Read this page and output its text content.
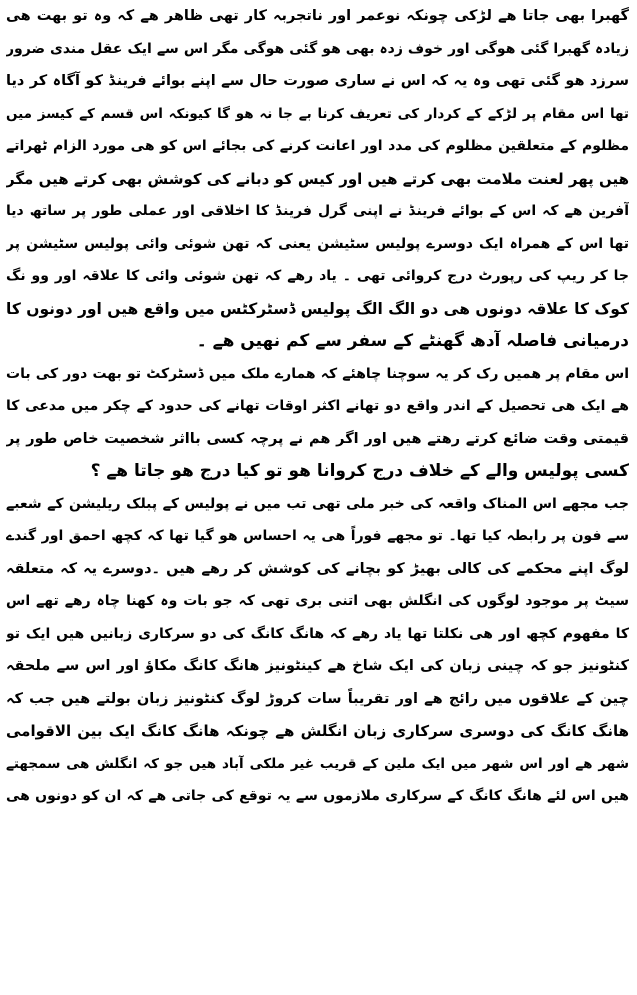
گھبرا بھی جاتا ھے لڑکی چونکہ نوعمر اور ناتجربہ کار تھی ظاھر ھے کہ وہ تو بھت ھی
زیادہ گھبرا گئی ھوگی اور خوف زدہ بھی ھو گئی ھوگی مگر اس سے ایک عقل مندی ضرور
سرزد ھو گئی تھی وہ یہ کہ اس نے ساری صورت حال سے اپنے بوائے فرینڈ کو آگاہ کر دیا
تھا اس مقام پر لڑکے کے کردار کی تعریف کرنا بے جا نہ ھو گا کیونکہ اس قسم کے کیسز میں
مظلوم کے متعلقین مظلوم کی مدد اور اعانت کرنے کی بجائے اس کو ھی مورد الزام ٹھراتے
ھیں پھر لعنت ملامت بھی کرتے ھیں اور کیس کو دبانے کی کوشش بھی کرتے ھیں مگر
آفرین ھے کہ اس کے بوائے فرینڈ نے اپنی گرل فرینڈ کا اخلاقی اور عملی طور پر ساتھ دیا
تھا اس کے ھمراہ ایک دوسرے پولیس سٹیشن یعنی کہ تھن شوئی وائی پولیس سٹیشن پر
جا کر ریپ کی رپورٹ درج کروائی تھی ۔ یاد رھے کہ تھن شوئی وائی کا علاقہ اور وو نگ
کوک کا علاقہ دونوں ھی دو الگ الگ پولیس ڈسٹرکٹس میں واقع ھیں اور دونوں کا
درمیانی فاصلہ آدھ گھنٹے کے سفر سے کم نھیں ھے ۔
اس مقام پر ھمیں رک کر یہ سوچنا چاھئے کہ ھمارے ملک میں ڈسٹرکٹ تو بھت دور کی بات
ھے ایک ھی تحصیل کے اندر واقع دو تھانے اکثر اوقات تھانے کی حدود کے چکر میں مدعی کا
قیمتی وقت ضائع کرتے رھتے ھیں اور اگر ھم نے پرچہ کسی بااثر شخصیت خاص طور پر
کسی پولیس والے کے خلاف درج کروانا ھو تو کیا درج ھو جاتا ھے ؟
جب مجھے اس المناک واقعہ کی خبر ملی تھی تب میں نے پولیس کے پبلک ریلیشن کے شعبے
سے فون پر رابطہ کیا تھا۔ تو مجھے فوراً ھی یہ احساس ھو گیا تھا کہ کچھ احمق اور گندے
لوگ اپنے محکمے کی کالی بھیڑ کو بچانے کی کوشش کر رھے ھیں ۔دوسرے یہ کہ متعلقہ
سیٹ پر موجود لوگوں کی انگلش بھی اتنی بری تھی کہ جو بات وہ کھنا چاہ رھے تھے اس
کا مفھوم کچھ اور ھی نکلتا تھا یاد رھے کہ ھانگ کانگ کی دو سرکاری زبانیں ھیں ایک تو
کنٹونیز جو کہ چینی زبان کی ایک شاخ ھے کینٹونیز ھانگ کانگ مکاؤ اور اس سے ملحقہ
چین کے علاقوں میں رائج ھے اور تقریباً سات کروڑ لوگ کنٹونیز زبان بولتے ھیں جب کہ
ھانگ کانگ کی دوسری سرکاری زبان انگلش ھے چونکہ ھانگ کانگ ایک بین الاقوامی
شھر ھے اور اس شھر میں ایک ملین کے قریب غیر ملکی آباد ھیں جو کہ انگلش ھی سمجھتے
ھیں اس لئے ھانگ کانگ کے سرکاری ملازموں سے یہ توقع کی جاتی ھے کہ ان کو دونوں ھی
